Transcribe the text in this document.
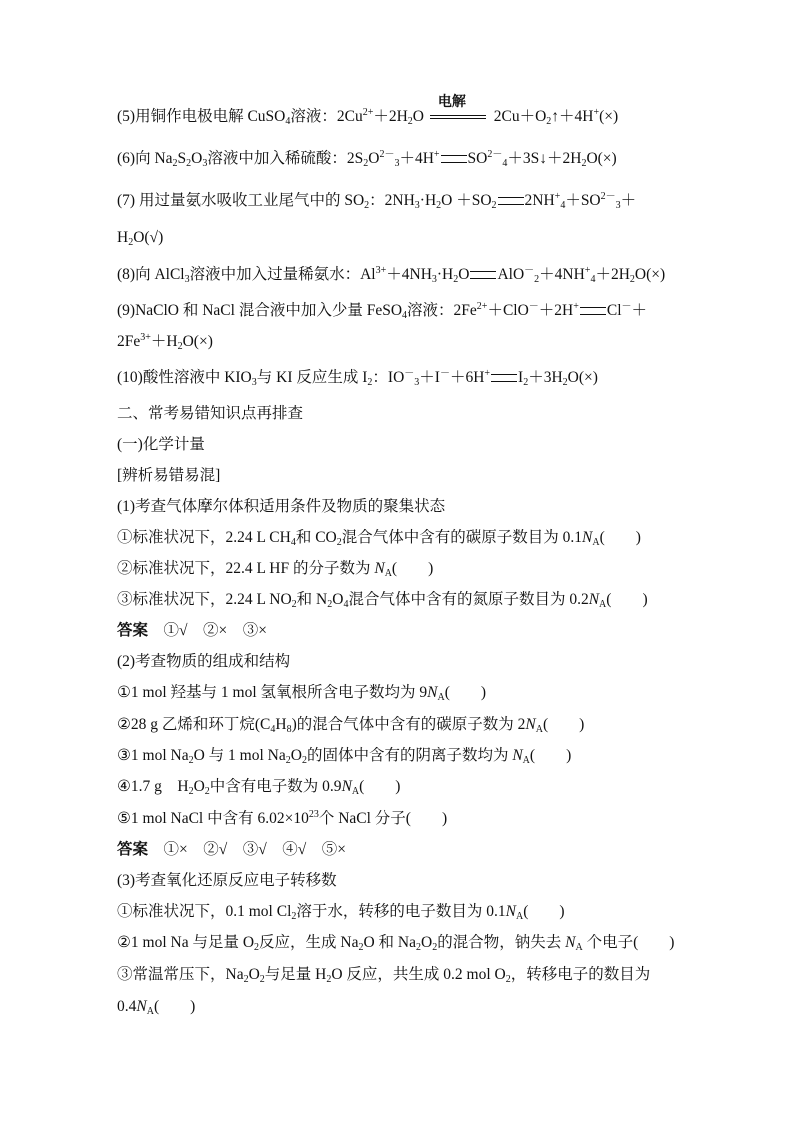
(5)用铜作电极电解 CuSO$_4$溶液：$2Cu^{2+}+2H_2O$
电解
$2Cu+O_2↑+4H^+(\times)$
(6)向 $Na_2S_2O_3$溶液中加入稀硫酸：$2S_2O^{2-}_3+4H^+$ $SO^{2-}_4+3S↓+2H_2O(\times)$
(7) 用过量氨水吸收工业尾气中的 $SO_2$：$2NH_3\cdot H_2O +SO_2$ $2NH^+_4+SO^{2-}_3+$
$H_2O(√)$
(8)向 AlCl$_3$溶液中加入过量稀氨水：$Al^{3+}+4NH_3\cdot H_2O$ $AlO^-_2+4NH^+_4+2H_2O(\times)$
(9)NaClO 和 NaCl 混合液中加入少量 FeSO$_4$溶液：$2Fe^{2+}+ClO^-+2H^+$ Cl－＋
$2Fe^{3+}+H_2O(\times)$
(10)酸性溶液中 $KIO_3$与 KI 反应生成 $I_2$：$IO^-_3+I^-+6H^+$ $I_2+3H_2O(\times)$
二、常考易错知识点再排查
(一)化学计量
[辨析易错易混]
(1)考查气体摩尔体积适用条件及物质的聚集状态
①标准状况下，2.24 L $CH_4$和 $CO_2$混合气体中含有的碳原子数目为 $0.1N_A$(　　)
②标准状况下，22.4 L HF 的分子数为 $N_A$(　　)
③标准状况下，2.24 L $NO_2$和 $N_2O_4$混合气体中含有的氮原子数目为 $0.2N_A$(　　)
答案　①√　②×　③×
(2)考查物质的组成和结构
①1 mol 羟基与 1 mol 氢氧根所含电子数均为 $9N_A$(　　)
②28 g 乙烯和环丁烷$(C_4H_8)$的混合气体中含有的碳原子数为 $2N_A$(　　)
③1 mol $Na_2O$ 与 1 mol $Na_2O_2$的固体中含有的阴离子数均为 $N_A$(　　)
④1.7 g　$H_2O_2$中含有电子数为 $0.9N_A$(　　)
⑤1 mol NaCl 中含有 $6.02\times 10^{23}$个 NaCl 分子(　　)
答案　①×　②√　③√　④√　⑤×
(3)考查氧化还原反应电子转移数
①标准状况下，0.1 mol $Cl_2$溶于水，转移的电子数目为 $0.1N_A$(　　)
②1 mol Na 与足量 $O_2$反应，生成 $Na_2O$ 和 $Na_2O_2$的混合物，钠失去 $N_A$ 个电子(　　)
③常温常压下，$Na_2O_2$与足量 $H_2O$ 反应，共生成 0.2 mol $O_2$，转移电子的数目为
$0.4N_A$(　　)
